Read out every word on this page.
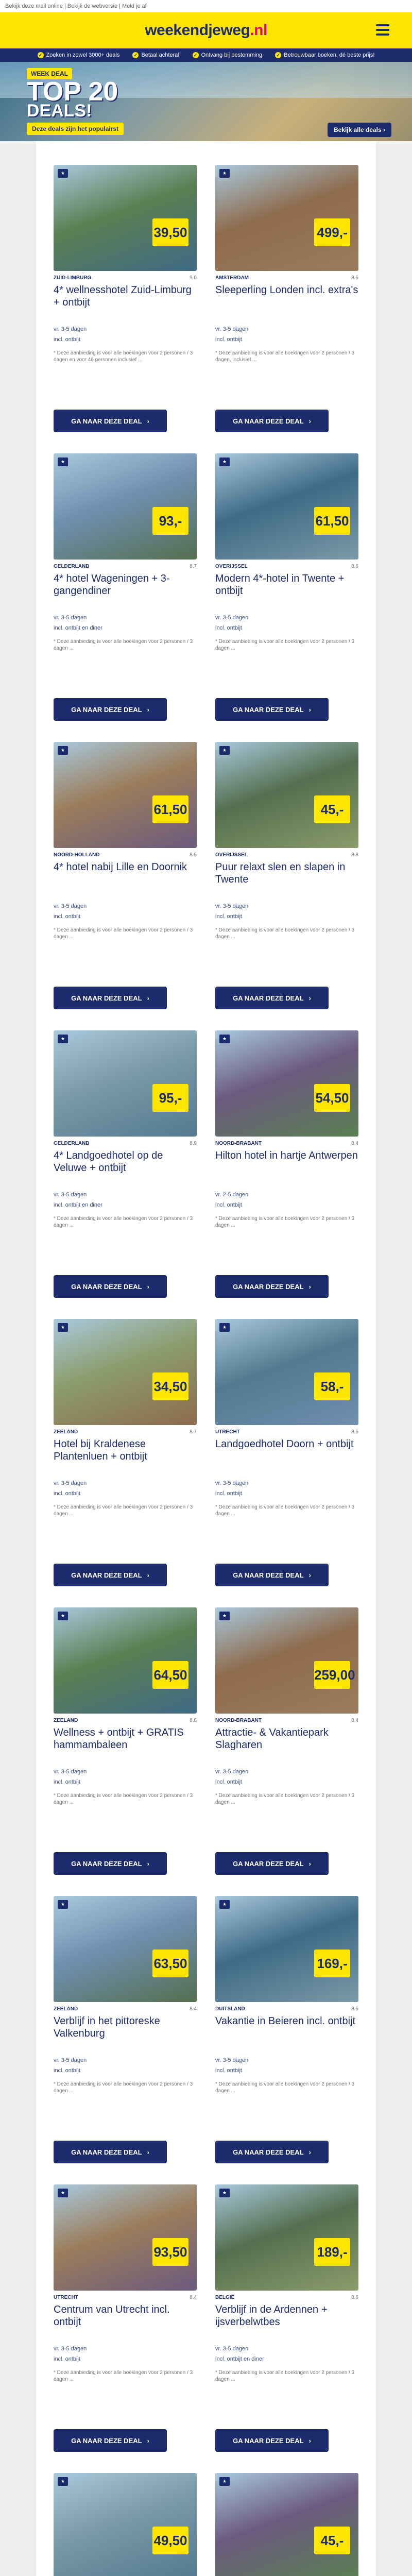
Bekijk deze mail online | Bekijk de webversie | Meld je af
weekendjeweg.nl
✓ Zoeken in zowel 3000+ deals	✓ Betaal achteraf	✓ Ontvang bij bestemming	✓ Betrouwbaar boeken, dé beste prijs!
WEEK DEAL
TOP 20
DEALS!
Deze deals zijn het populairst	Bekijk alle deals ›
★
39,50
ZUID-LIMBURG	9.0
4* wellnesshotel Zuid-Limburg + ontbijt
vr. 3-5 dagen
incl. ontbijt
* Deze aanbieding is voor alle boekingen voor 2 personen / 3 dagen en voor 46 personen inclusief ...
GA NAAR DEZE DEAL ›
★
499,-
AMSTERDAM	8.6
Sleeperling Londen incl. extra's
vr. 3-5 dagen
incl. ontbijt
* Deze aanbieding is voor alle boekingen voor 2 personen / 3 dagen, inclusief ...
GA NAAR DEZE DEAL ›
★
93,-
GELDERLAND	8.7
4* hotel Wageningen + 3-gangendiner
vr. 3-5 dagen
incl. ontbijt en diner
* Deze aanbieding is voor alle boekingen voor 2 personen / 3 dagen ...
GA NAAR DEZE DEAL ›
★
61,50
OVERIJSSEL	8.6
Modern 4*-hotel in Twente + ontbijt
vr. 3-5 dagen
incl. ontbijt
* Deze aanbieding is voor alle boekingen voor 2 personen / 3 dagen ...
GA NAAR DEZE DEAL ›
★
61,50
NOORD-HOLLAND	8.5
4* hotel nabij Lille en Doornik
vr. 3-5 dagen
incl. ontbijt
* Deze aanbieding is voor alle boekingen voor 2 personen / 3 dagen ...
GA NAAR DEZE DEAL ›
★
45,-
OVERIJSSEL	8.8
Puur relaxt slen en slapen in Twente
vr. 3-5 dagen
incl. ontbijt
* Deze aanbieding is voor alle boekingen voor 2 personen / 3 dagen ...
GA NAAR DEZE DEAL ›
★
95,-
GELDERLAND	8.9
4* Landgoedhotel op de Veluwe + ontbijt
vr. 3-5 dagen
incl. ontbijt en diner
* Deze aanbieding is voor alle boekingen voor 2 personen / 3 dagen ...
GA NAAR DEZE DEAL ›
★
54,50
NOORD-BRABANT	8.4
Hilton hotel in hartje Antwerpen
vr. 2-5 dagen
incl. ontbijt
* Deze aanbieding is voor alle boekingen voor 2 personen / 3 dagen ...
GA NAAR DEZE DEAL ›
★
34,50
ZEELAND	8.7
Hotel bij Kraldenese Plantenluen + ontbijt
vr. 3-5 dagen
incl. ontbijt
* Deze aanbieding is voor alle boekingen voor 2 personen / 3 dagen ...
GA NAAR DEZE DEAL ›
★
58,-
UTRECHT	8.5
Landgoedhotel Doorn + ontbijt
vr. 3-5 dagen
incl. ontbijt
* Deze aanbieding is voor alle boekingen voor 2 personen / 3 dagen ...
GA NAAR DEZE DEAL ›
★
64,50
ZEELAND	8.6
Wellness + ontbijt + GRATIS hammambaleen
vr. 3-5 dagen
incl. ontbijt
* Deze aanbieding is voor alle boekingen voor 2 personen / 3 dagen ...
GA NAAR DEZE DEAL ›
★
259,00
NOORD-BRABANT	8.4
Attractie- & Vakantiepark Slagharen
vr. 3-5 dagen
incl. ontbijt
* Deze aanbieding is voor alle boekingen voor 2 personen / 3 dagen ...
GA NAAR DEZE DEAL ›
★
63,50
ZEELAND	8.4
Verblijf in het pittoreske Valkenburg
vr. 3-5 dagen
incl. ontbijt
* Deze aanbieding is voor alle boekingen voor 2 personen / 3 dagen ...
GA NAAR DEZE DEAL ›
★
169,-
DUITSLAND	8.6
Vakantie in Beieren incl. ontbijt
vr. 3-5 dagen
incl. ontbijt
* Deze aanbieding is voor alle boekingen voor 2 personen / 3 dagen ...
GA NAAR DEZE DEAL ›
★
93,50
UTRECHT	8.4
Centrum van Utrecht incl. ontbijt
vr. 3-5 dagen
incl. ontbijt
* Deze aanbieding is voor alle boekingen voor 2 personen / 3 dagen ...
GA NAAR DEZE DEAL ›
★
189,-
BELGIË	8.6
Verblijf in de Ardennen + ijsverbelwtbes
vr. 3-5 dagen
incl. ontbijt en diner
* Deze aanbieding is voor alle boekingen voor 2 personen / 3 dagen ...
GA NAAR DEZE DEAL ›
★
49,50
★
45,-
